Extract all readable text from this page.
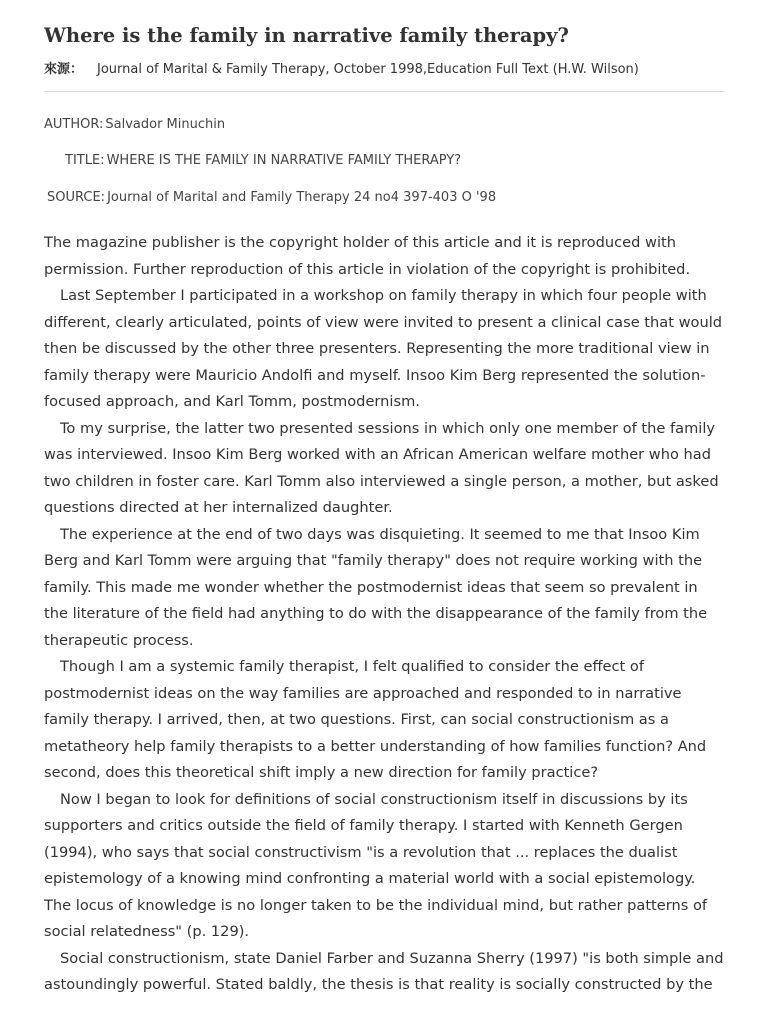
Where is the family in narrative family therapy?
來源： Journal of Marital & Family Therapy, October 1998,Education Full Text (H.W. Wilson)
AUTHOR: Salvador Minuchin
TITLE: WHERE IS THE FAMILY IN NARRATIVE FAMILY THERAPY?
SOURCE: Journal of Marital and Family Therapy 24 no4 397-403 O '98

The magazine publisher is the copyright holder of this article and it is reproduced with permission. Further reproduction of this article in violation of the copyright is prohibited.

Last September I participated in a workshop on family therapy in which four people with different, clearly articulated, points of view were invited to present a clinical case that would then be discussed by the other three presenters. Representing the more traditional view in family therapy were Mauricio Andolfi and myself. Insoo Kim Berg represented the solution-focused approach, and Karl Tomm, postmodernism.

To my surprise, the latter two presented sessions in which only one member of the family was interviewed. Insoo Kim Berg worked with an African American welfare mother who had two children in foster care. Karl Tomm also interviewed a single person, a mother, but asked questions directed at her internalized daughter.

The experience at the end of two days was disquieting. It seemed to me that Insoo Kim Berg and Karl Tomm were arguing that "family therapy" does not require working with the family. This made me wonder whether the postmodernist ideas that seem so prevalent in the literature of the field had anything to do with the disappearance of the family from the therapeutic process.

Though I am a systemic family therapist, I felt qualified to consider the effect of postmodernist ideas on the way families are approached and responded to in narrative family therapy. I arrived, then, at two questions. First, can social constructionism as a metatheory help family therapists to a better understanding of how families function? And second, does this theoretical shift imply a new direction for family practice?

Now I began to look for definitions of social constructionism itself in discussions by its supporters and critics outside the field of family therapy. I started with Kenneth Gergen (1994), who says that social constructivism "is a revolution that ... replaces the dualist epistemology of a knowing mind confronting a material world with a social epistemology. The locus of knowledge is no longer taken to be the individual mind, but rather patterns of social relatedness" (p. 129).

Social constructionism, state Daniel Farber and Suzanna Sherry (1997) "is both simple and astoundingly powerful. Stated baldly, the thesis is that reality is socially constructed by the
